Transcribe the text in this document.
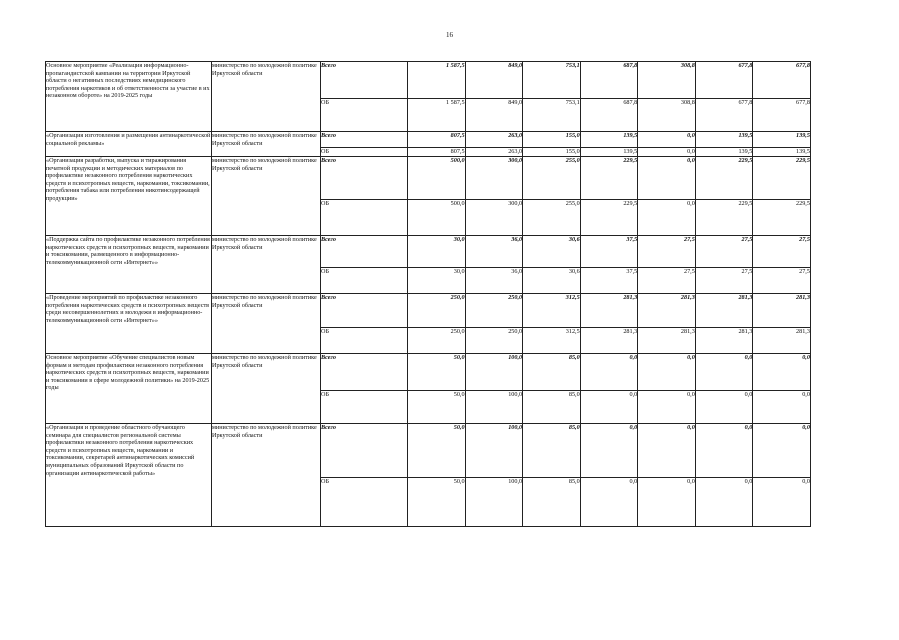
16
Основное мероприятие «Реализация информационно-пропагандистской кампании на территории Иркутской области о негативных последствиях немедицинского потребления наркотиков и об ответственности за участие в их незаконном обороте» на 2019-2025 годы	министерство по молодежной политике Иркутской области	Всего	1 587,5	849,0	753,1	687,8	308,8	677,8	677,8
		ОБ	1 587,5	849,0	753,1	687,8	308,8	677,8	677,8
«Организация изготовления и размещения антинаркотической социальной рекламы»	министерство по молодежной политике Иркутской области	Всего	807,5	263,0	155,0	139,5	0,0	139,5	139,5
		ОБ	807,5	263,0	155,0	139,5	0,0	139,5	139,5
«Организация разработки, выпуска и тиражирования печатной продукции и методических материалов по профилактике незаконного потребления наркотических средств и психотропных веществ, наркомании, токсикомании, потребления табака или потребления никотинсодержащей продукции»	министерство по молодежной политике Иркутской области	Всего	500,0	300,0	255,0	229,5	0,0	229,5	229,5
		ОБ	500,0	300,0	255,0	229,5	0,0	229,5	229,5
«Поддержка сайта по профилактике незаконного потребления наркотических средств и психотропных веществ, наркомании и токсикомании, размещенного в информационно-телекоммуникационной сети «Интернет»»	министерство по молодежной политике Иркутской области	Всего	30,0	36,0	30,6	37,5	27,5	27,5	27,5
		ОБ	30,0	36,0	30,6	37,5	27,5	27,5	27,5
«Проведение мероприятий по профилактике незаконного потребления наркотических средств и психотропных веществ среди несовершеннолетних и молодежи в информационно-телекоммуникационной сети «Интернет»»	министерство по молодежной политике Иркутской области	Всего	250,0	250,0	312,5	281,3	281,3	281,3	281,3
		ОБ	250,0	250,0	312,5	281,3	281,3	281,3	281,3
Основное мероприятие «Обучение специалистов новым формам и методам профилактики незаконного потребления наркотических средств и психотропных веществ, наркомании и токсикомании в сфере молодежной политики» на 2019-2025 годы	министерство по молодежной политике Иркутской области	Всего	50,0	100,0	85,0	0,0	0,0	0,0	0,0
		ОБ	50,0	100,0	85,0	0,0	0,0	0,0	0,0
«Организация и проведение областного обучающего семинара для специалистов региональной системы профилактики незаконного потребления наркотических средств и психотропных веществ, наркомании и токсикомании, секретарей антинаркотических комиссий муниципальных образований Иркутской области по организации антинаркотической работы»	министерство по молодежной политике Иркутской области	Всего	50,0	100,0	85,0	0,0	0,0	0,0	0,0
		ОБ	50,0	100,0	85,0	0,0	0,0	0,0	0,0
